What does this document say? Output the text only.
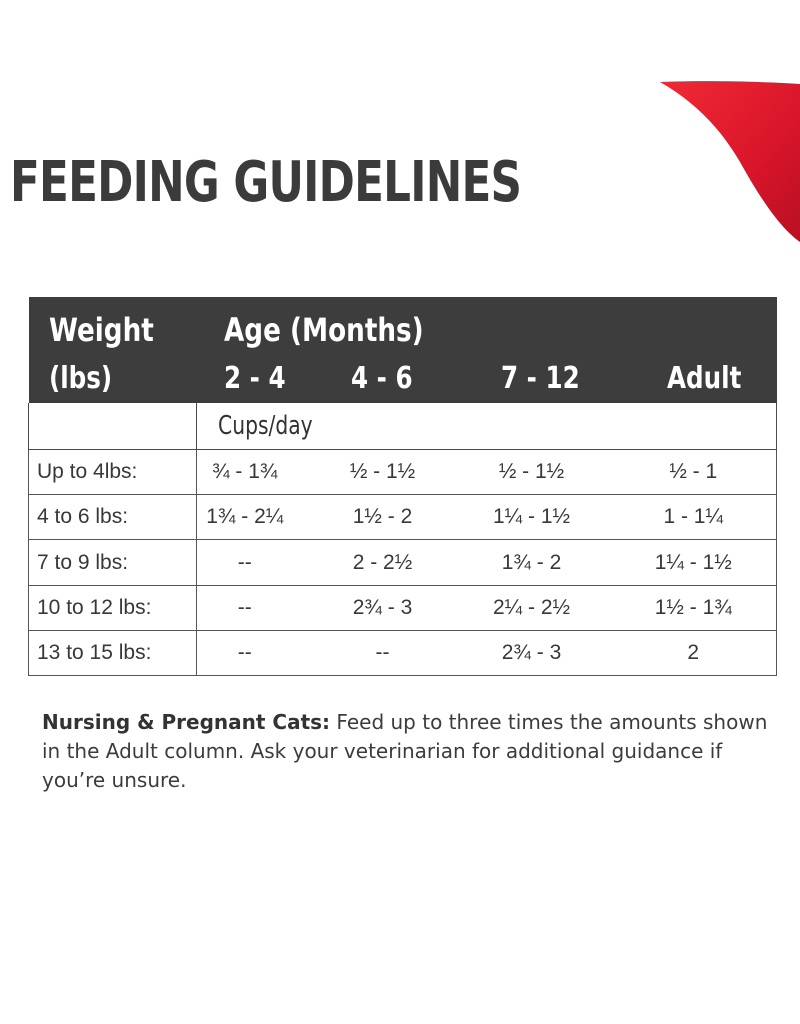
FEEDING GUIDELINES
Weight	Age (Months)			
(lbs)	2 - 4	4 - 6	7 - 12	Adult
	Cups/day			
Up to 4lbs:	¾ - 1¾	½ - 1½	½ - 1½	½ - 1
4 to 6 lbs:	1¾ - 2¼	1½ - 2	1¼ - 1½	1 - 1¼
7 to 9 lbs:	--	2 - 2½	1¾ - 2	1¼ - 1½
10 to 12 lbs:	--	2¾ - 3	2¼ - 2½	1½ - 1¾
13 to 15 lbs:	--	--	2¾ - 3	2

Nursing & Pregnant Cats: Feed up to three times the amounts shown in the Adult column. Ask your veterinarian for additional guidance if you’re unsure.
